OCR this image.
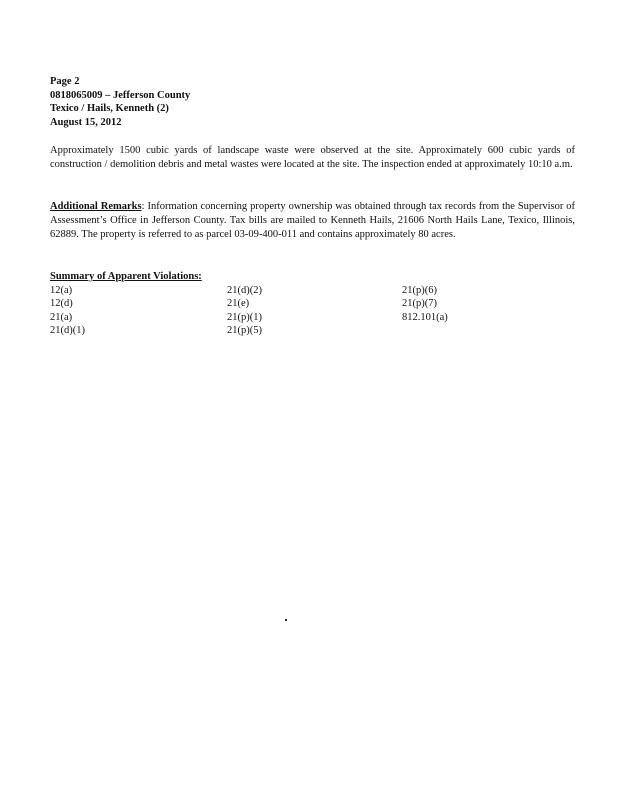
Page 2
0818065009 – Jefferson County
Texico / Hails, Kenneth (2)
August 15, 2012

Approximately 1500 cubic yards of landscape waste were observed at the site. Approximately 600 cubic yards of construction / demolition debris and metal wastes were located at the site. The inspection ended at approximately 10:10 a.m.

Additional Remarks: Information concerning property ownership was obtained through tax records from the Supervisor of Assessment’s Office in Jefferson County. Tax bills are mailed to Kenneth Hails, 21606 North Hails Lane, Texico, Illinois, 62889. The property is referred to as parcel 03-09-400-011 and contains approximately 80 acres.

Summary of Apparent Violations:
12(a)
12(d)
21(a)
21(d)(1)
21(d)(2)
21(e)
21(p)(1)
21(p)(5)
21(p)(6)
21(p)(7)
812.101(a)
